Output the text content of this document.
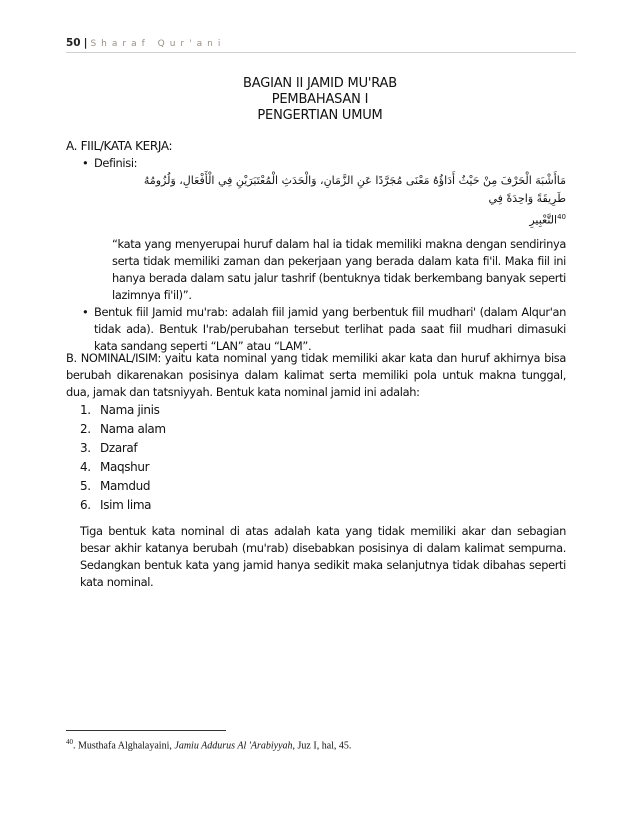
50 | Sharaf Qur'ani
BAGIAN II JAMID MU'RAB
PEMBAHASAN I
PENGERTIAN UMUM
A. FIIL/KATA KERJA:
• Definisi:
مَاأَشْبَهَ الْحَرْفَ مِنْ حَيْثُ أَدَاؤُهُ مَعْنَى مُجَرَّدًا عَنِ الزَّمَانِ، وَالْحَدَثِ الْمُعْتَبَرَيْنِ فِي الْأَفْعَالِ، وَلُزُومُهُ طَرِيقَةً وَاحِدَةً فِي
$^{40}$التَّعْبِيرِ
“kata yang menyerupai huruf dalam hal ia tidak memiliki makna dengan sendirinya serta tidak memiliki zaman dan pekerjaan yang berada dalam kata fi'il. Maka fiil ini hanya berada dalam satu jalur tashrif (bentuknya tidak berkembang banyak seperti lazimnya fi'il)”.
• Bentuk fiil Jamid mu'rab: adalah fiil jamid yang berbentuk fiil mudhari' (dalam Alqur'an tidak ada). Bentuk I'rab/perubahan tersebut terlihat pada saat fiil mudhari dimasuki kata sandang seperti “LAN” atau “LAM”.
B. NOMINAL/ISIM: yaitu kata nominal yang tidak memiliki akar kata dan huruf akhirnya bisa berubah dikarenakan posisinya dalam kalimat serta memiliki pola untuk makna tunggal, dua, jamak dan tatsniyyah. Bentuk kata nominal jamid ini adalah:
1. Nama jinis
2. Nama alam
3. Dzaraf
4. Maqshur
5. Mamdud
6. Isim lima
Tiga bentuk kata nominal di atas adalah kata yang tidak memiliki akar dan sebagian besar akhir katanya berubah (mu'rab) disebabkan posisinya di dalam kalimat sempurna. Sedangkan bentuk kata yang jamid hanya sedikit maka selanjutnya tidak dibahas seperti kata nominal.
$^{40}$. Musthafa Alghalayaini, Jamiu Addurus Al 'Arabiyyah, Juz I, hal, 45.
